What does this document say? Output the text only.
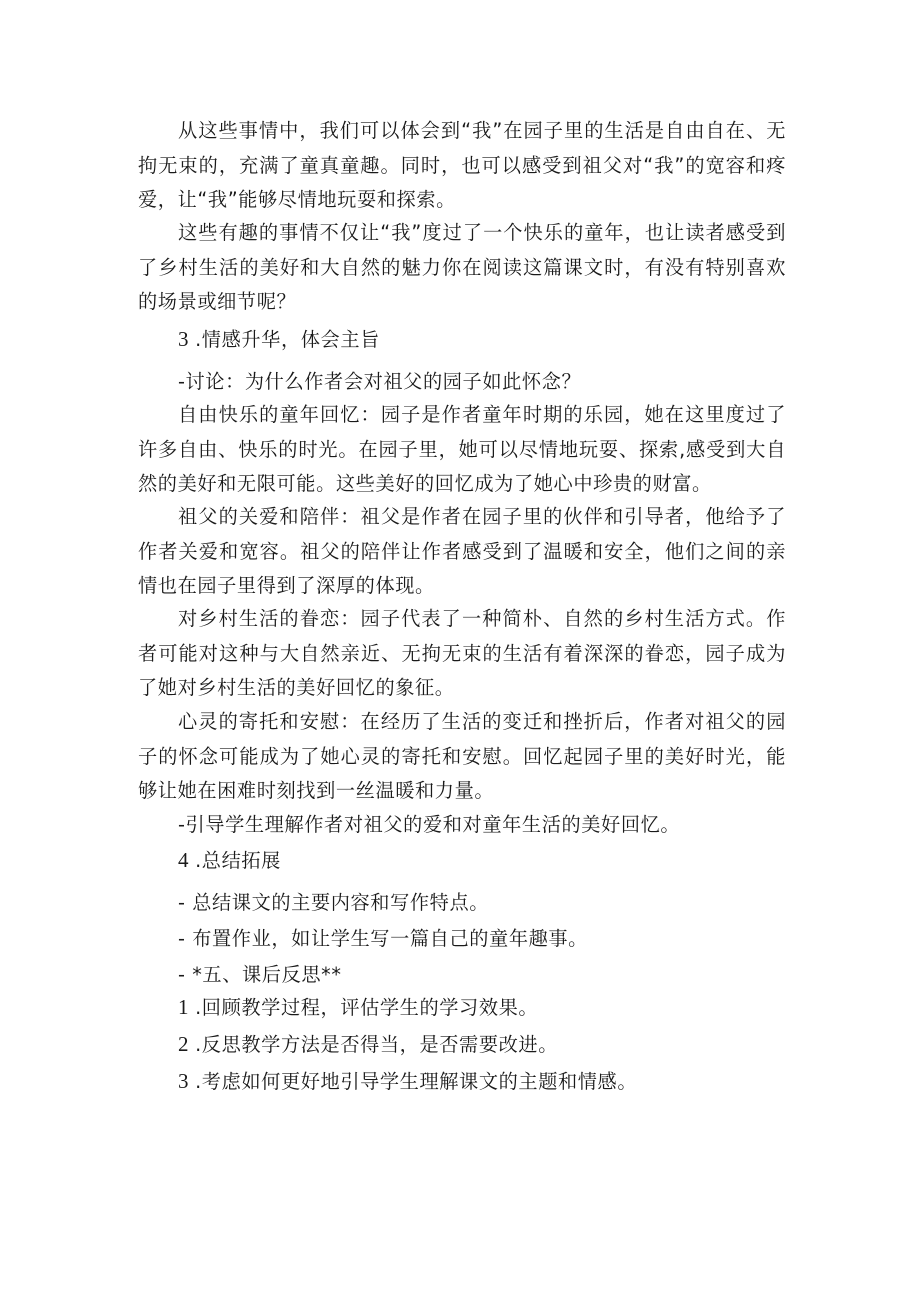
从这些事情中，我们可以体会到“我”在园子里的生活是自由自在、无拘无束的，充满了童真童趣。同时，也可以感受到祖父对“我”的宽容和疼爱，让“我”能够尽情地玩耍和探索。

这些有趣的事情不仅让“我”度过了一个快乐的童年，也让读者感受到了乡村生活的美好和大自然的魅力你在阅读这篇课文时，有没有特别喜欢的场景或细节呢？

3 .情感升华，体会主旨
-讨论：为什么作者会对祖父的园子如此怀念？

自由快乐的童年回忆：园子是作者童年时期的乐园，她在这里度过了许多自由、快乐的时光。在园子里，她可以尽情地玩耍、探索,感受到大自然的美好和无限可能。这些美好的回忆成为了她心中珍贵的财富。

祖父的关爱和陪伴：祖父是作者在园子里的伙伴和引导者，他给予了作者关爱和宽容。祖父的陪伴让作者感受到了温暖和安全，他们之间的亲情也在园子里得到了深厚的体现。

对乡村生活的眷恋：园子代表了一种简朴、自然的乡村生活方式。作者可能对这种与大自然亲近、无拘无束的生活有着深深的眷恋，园子成为了她对乡村生活的美好回忆的象征。

心灵的寄托和安慰：在经历了生活的变迁和挫折后，作者对祖父的园子的怀念可能成为了她心灵的寄托和安慰。回忆起园子里的美好时光，能够让她在困难时刻找到一丝温暖和力量。

-引导学生理解作者对祖父的爱和对童年生活的美好回忆。
4 .总结拓展
- 总结课文的主要内容和写作特点。
- 布置作业，如让学生写一篇自己的童年趣事。
- *五、课后反思**
1 .回顾教学过程，评估学生的学习效果。
2 .反思教学方法是否得当，是否需要改进。
3 .考虑如何更好地引导学生理解课文的主题和情感。
